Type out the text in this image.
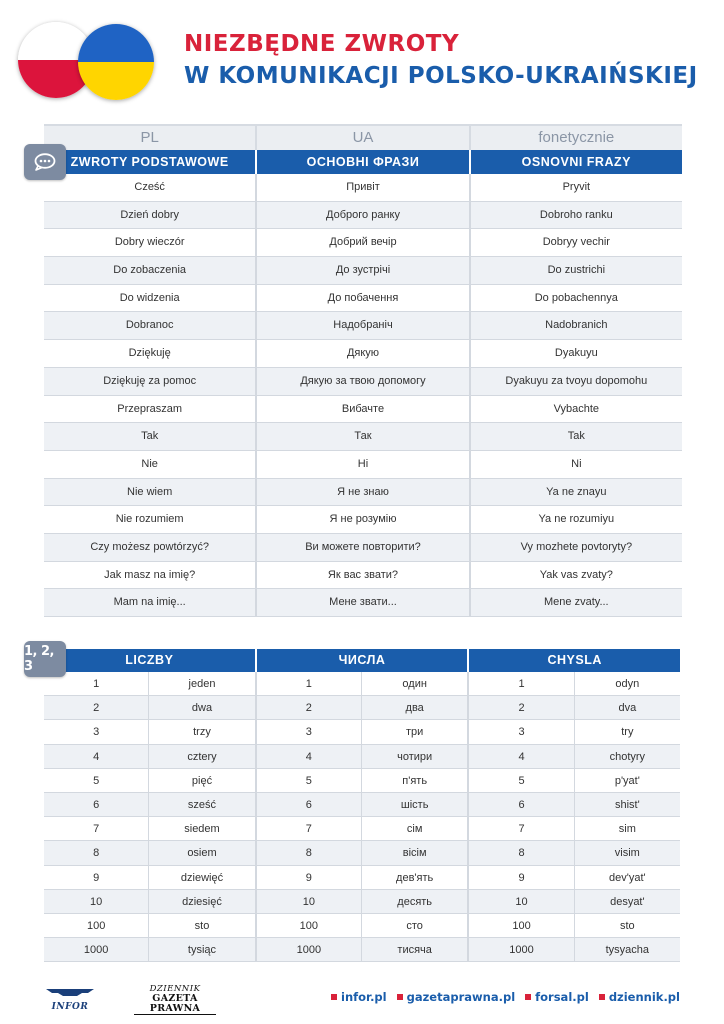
NIEZBĘDNE ZWROTY
W KOMUNIKACJI POLSKO-UKRAIŃSKIEJ
PL	UA	fonetycznie
ZWROTY PODSTAWOWE	ОСНОВНІ ФРАЗИ	OSNOVNI FRAZY
Cześć	Привіт	Pryvit
Dzień dobry	Доброго ранку	Dobroho ranku
Dobry wieczór	Добрий вечір	Dobryy vechir
Do zobaczenia	До зустрічі	Do zustrichi
Do widzenia	До побачення	Do pobachennya
Dobranoc	Надобраніч	Nadobranich
Dziękuję	Дякую	Dyakuyu
Dziękuję za pomoc	Дякую за твою допомогу	Dyakuyu za tvoyu dopomohu
Przepraszam	Вибачте	Vybachte
Tak	Так	Tak
Nie	Ні	Ni
Nie wiem	Я не знаю	Ya ne znayu
Nie rozumiem	Я не розумію	Ya ne rozumiyu
Czy możesz powtórzyć?	Ви можете повторити?	Vy mozhete povtoryty?
Jak masz na imię?	Як вас звати?	Yak vas zvaty?
Mam na imię...	Мене звати...	Mene zvaty...
1, 2, 3	LICZBY	ЧИСЛА	CHYSLA
1	jeden	1	один	1	odyn
2	dwa	2	два	2	dva
3	trzy	3	три	3	try
4	cztery	4	чотири	4	chotyry
5	pięć	5	п'ять	5	p'yat'
6	sześć	6	шість	6	shist'
7	siedem	7	сім	7	sim
8	osiem	8	вісім	8	visim
9	dziewięć	9	дев'ять	9	dev'yat'
10	dziesięć	10	десять	10	desyat'
100	sto	100	сто	100	sto
1000	tysiąc	1000	тисяча	1000	tysyacha
INFOR
DZIENNIK
GAZETA PRAWNA
infor.pl	gazetaprawna.pl	forsal.pl	dziennik.pl
